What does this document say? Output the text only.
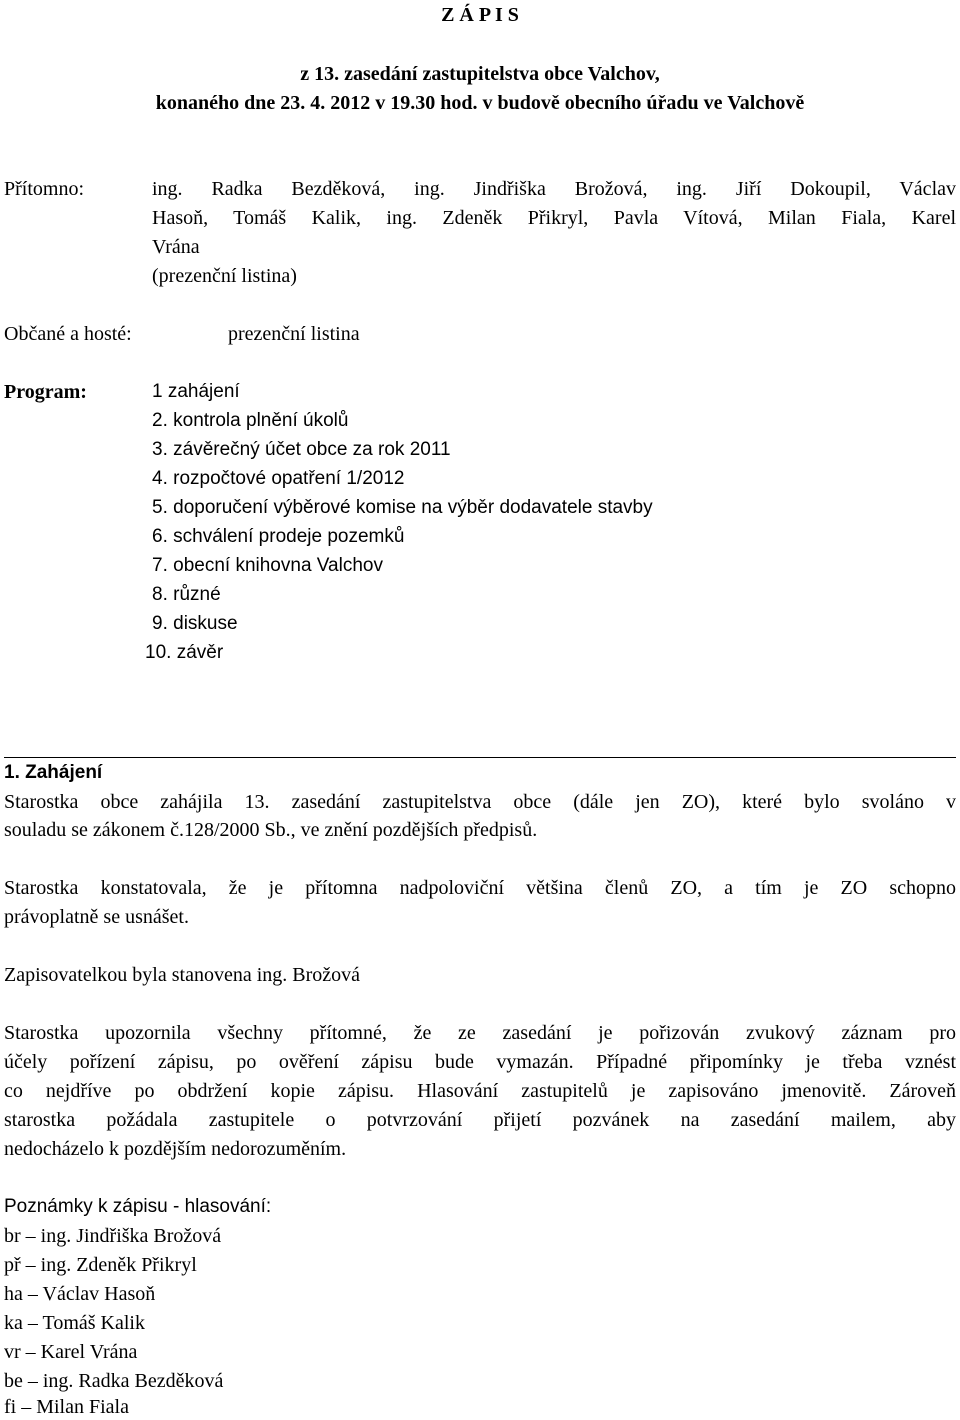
Z Á P I S
z 13. zasedání zastupitelstva obce Valchov,
konaného dne 23. 4. 2012 v 19.30 hod. v budově obecního úřadu ve Valchově
Přítomno:	ing. Radka Bezděková, ing. Jindřiška Brožová, ing. Jiří Dokoupil, Václav
Hasoň, Tomáš Kalik, ing. Zdeněk Přikryl, Pavla Vítová, Milan Fiala, Karel
Vrána
(prezenční listina)
Občané a hosté:	prezenční listina
Program:	1 zahájení
2. kontrola plnění úkolů
3. závěrečný účet obce za rok 2011
4. rozpočtové opatření 1/2012
5. doporučení výběrové komise na výběr dodavatele stavby
6. schválení prodeje pozemků
7. obecní knihovna Valchov
8. různé
9. diskuse
10. závěr
1. Zahájení
Starostka obce zahájila 13. zasedání zastupitelstva obce (dále jen ZO), které bylo svoláno v
souladu se zákonem č.128/2000 Sb., ve znění pozdějších předpisů.
Starostka konstatovala, že je přítomna nadpoloviční většina členů ZO, a tím je ZO schopno
právoplatně se usnášet.
Zapisovatelkou byla stanovena ing. Brožová
Starostka upozornila všechny přítomné, že ze zasedání je pořizován zvukový záznam pro
účely pořízení zápisu, po ověření zápisu bude vymazán. Případné připomínky je třeba vznést
co nejdříve po obdržení kopie zápisu. Hlasování zastupitelů je zapisováno jmenovitě. Zároveň
starostka požádala zastupitele o potvrzování přijetí pozvánek na zasedání mailem, aby
nedocházelo k pozdějším nedorozuměním.
Poznámky k zápisu - hlasování:
br – ing. Jindřiška Brožová
př – ing. Zdeněk Přikryl
ha – Václav Hasoň
ka – Tomáš Kalik
vr – Karel Vrána
be – ing. Radka Bezděková
fi – Milan Fiala
